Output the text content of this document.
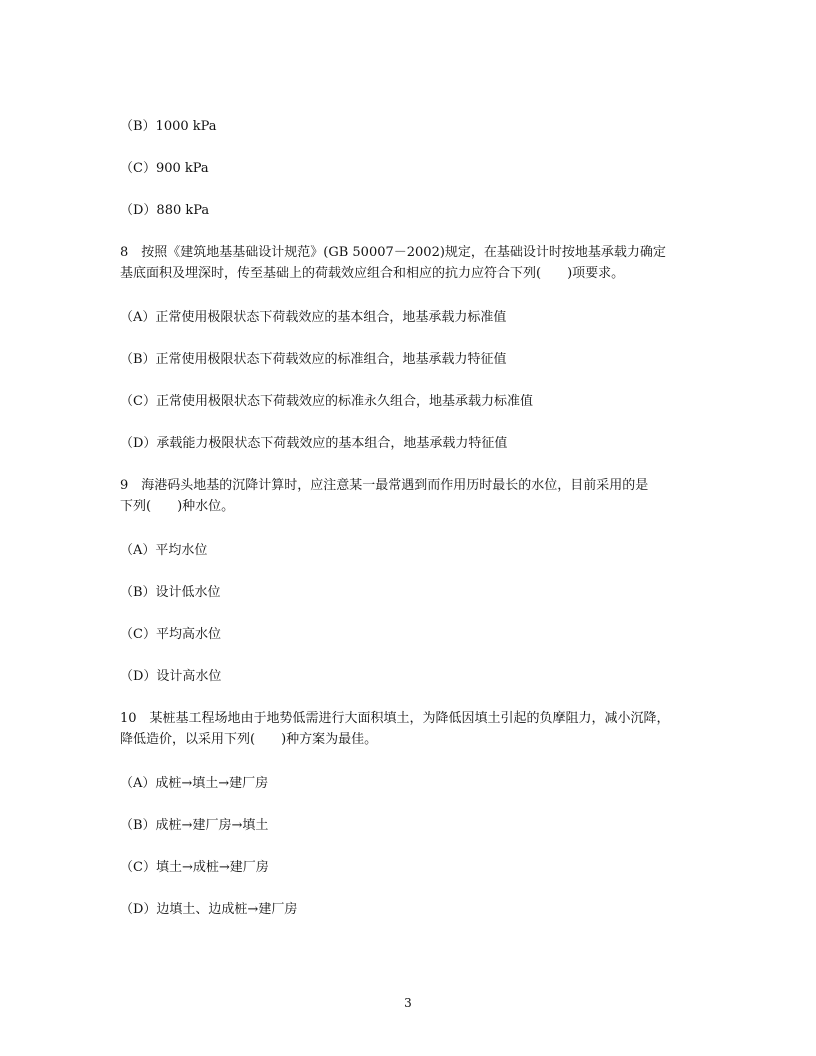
（B）1000 kPa
（C）900 kPa
（D）880 kPa
8　按照《建筑地基基础设计规范》(GB 50007－2002)规定，在基础设计时按地基承载力确定
基底面积及埋深时，传至基础上的荷载效应组合和相应的抗力应符合下列(　　)项要求。
（A）正常使用极限状态下荷载效应的基本组合，地基承载力标准值
（B）正常使用极限状态下荷载效应的标准组合，地基承载力特征值
（C）正常使用极限状态下荷载效应的标准永久组合，地基承载力标准值
（D）承载能力极限状态下荷载效应的基本组合，地基承载力特征值
9　海港码头地基的沉降计算时，应注意某一最常遇到而作用历时最长的水位，目前采用的是
下列(　　)种水位。
（A）平均水位
（B）设计低水位
（C）平均高水位
（D）设计高水位
10　某桩基工程场地由于地势低需进行大面积填土，为降低因填土引起的负摩阻力，减小沉降，
降低造价，以采用下列(　　)种方案为最佳。
（A）成桩→填土→建厂房
（B）成桩→建厂房→填土
（C）填土→成桩→建厂房
（D）边填土、边成桩→建厂房
3
